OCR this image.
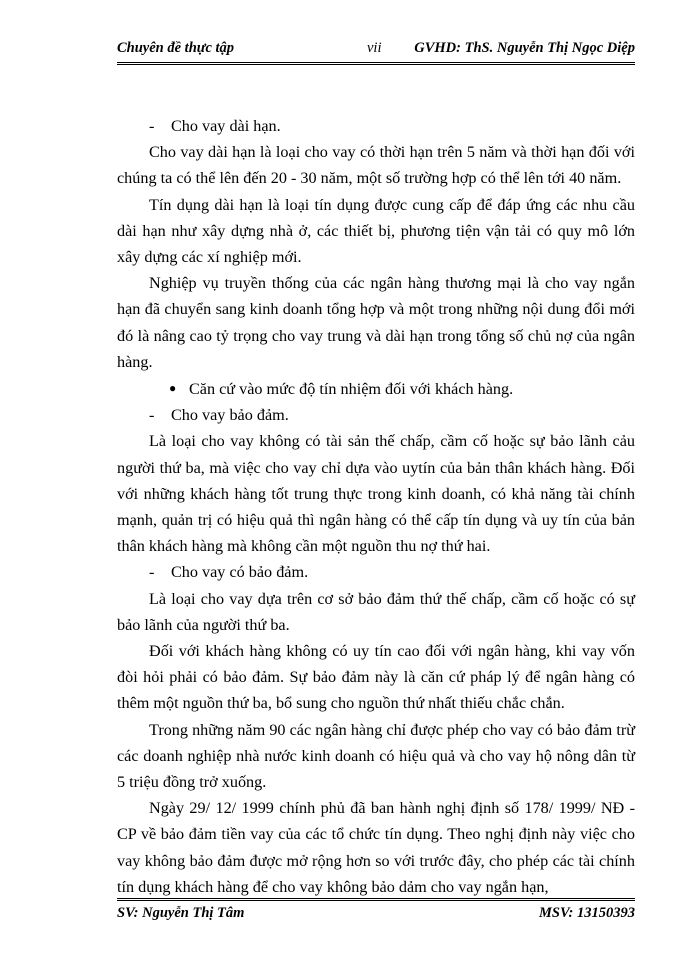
Chuyên đề thực tập	vii GVHD: ThS. Nguyễn Thị Ngọc Diệp
- Cho vay dài hạn.

Cho vay dài hạn là loại cho vay có thời hạn trên 5 năm và thời hạn đối với chúng ta có thể lên đến 20 - 30 năm, một số trường hợp có thể lên tới 40 năm.

Tín dụng dài hạn là loại tín dụng được cung cấp để đáp ứng các nhu cầu dài hạn như xây dựng nhà ở, các thiết bị, phương tiện vận tải có quy mô lớn xây dựng các xí nghiệp mới.

Nghiệp vụ truyền thống của các ngân hàng thương mại là cho vay ngắn hạn đã chuyển sang kinh doanh tổng hợp và một trong những nội dung đổi mới đó là nâng cao tỷ trọng cho vay trung và dài hạn trong tổng số chủ nợ của ngân hàng.

● Căn cứ vào mức độ tín nhiệm đối với khách hàng.
- Cho vay bảo đảm.

Là loại cho vay không có tài sản thế chấp, cầm cố hoặc sự bảo lãnh cảu người thứ ba, mà việc cho vay chỉ dựa vào uytín của bản thân khách hàng. Đối với những khách hàng tốt trung thực trong kinh doanh, có khả năng tài chính mạnh, quản trị có hiệu quả thì ngân hàng có thể cấp tín dụng và uy tín của bản thân khách hàng mà không cần một nguồn thu nợ thứ hai.

- Cho vay có bảo đảm.

Là loại cho vay dựa trên cơ sở bảo đảm thứ thế chấp, cầm cố hoặc có sự bảo lãnh của người thứ ba.

Đối với khách hàng không có uy tín cao đối với ngân hàng, khi vay vốn đòi hỏi phải có bảo đảm. Sự bảo đảm này là căn cứ pháp lý để ngân hàng có thêm một nguồn thứ ba, bổ sung cho nguồn thứ nhất thiếu chắc chắn.

Trong những năm 90 các ngân hàng chỉ được phép cho vay có bảo đảm trừ các doanh nghiệp nhà nước kinh doanh có hiệu quả và cho vay hộ nông dân từ 5 triệu đồng trở xuống.

Ngày 29/ 12/ 1999 chính phủ đã ban hành nghị định số 178/ 1999/ NĐ - CP về bảo đảm tiền vay của các tổ chức tín dụng. Theo nghị định này việc cho vay không bảo đảm được mở rộng hơn so với trước đây, cho phép các tài chính tín dụng khách hàng để cho vay không bảo dảm cho vay ngắn hạn,

SV: Nguyễn Thị Tâm	MSV: 13150393
